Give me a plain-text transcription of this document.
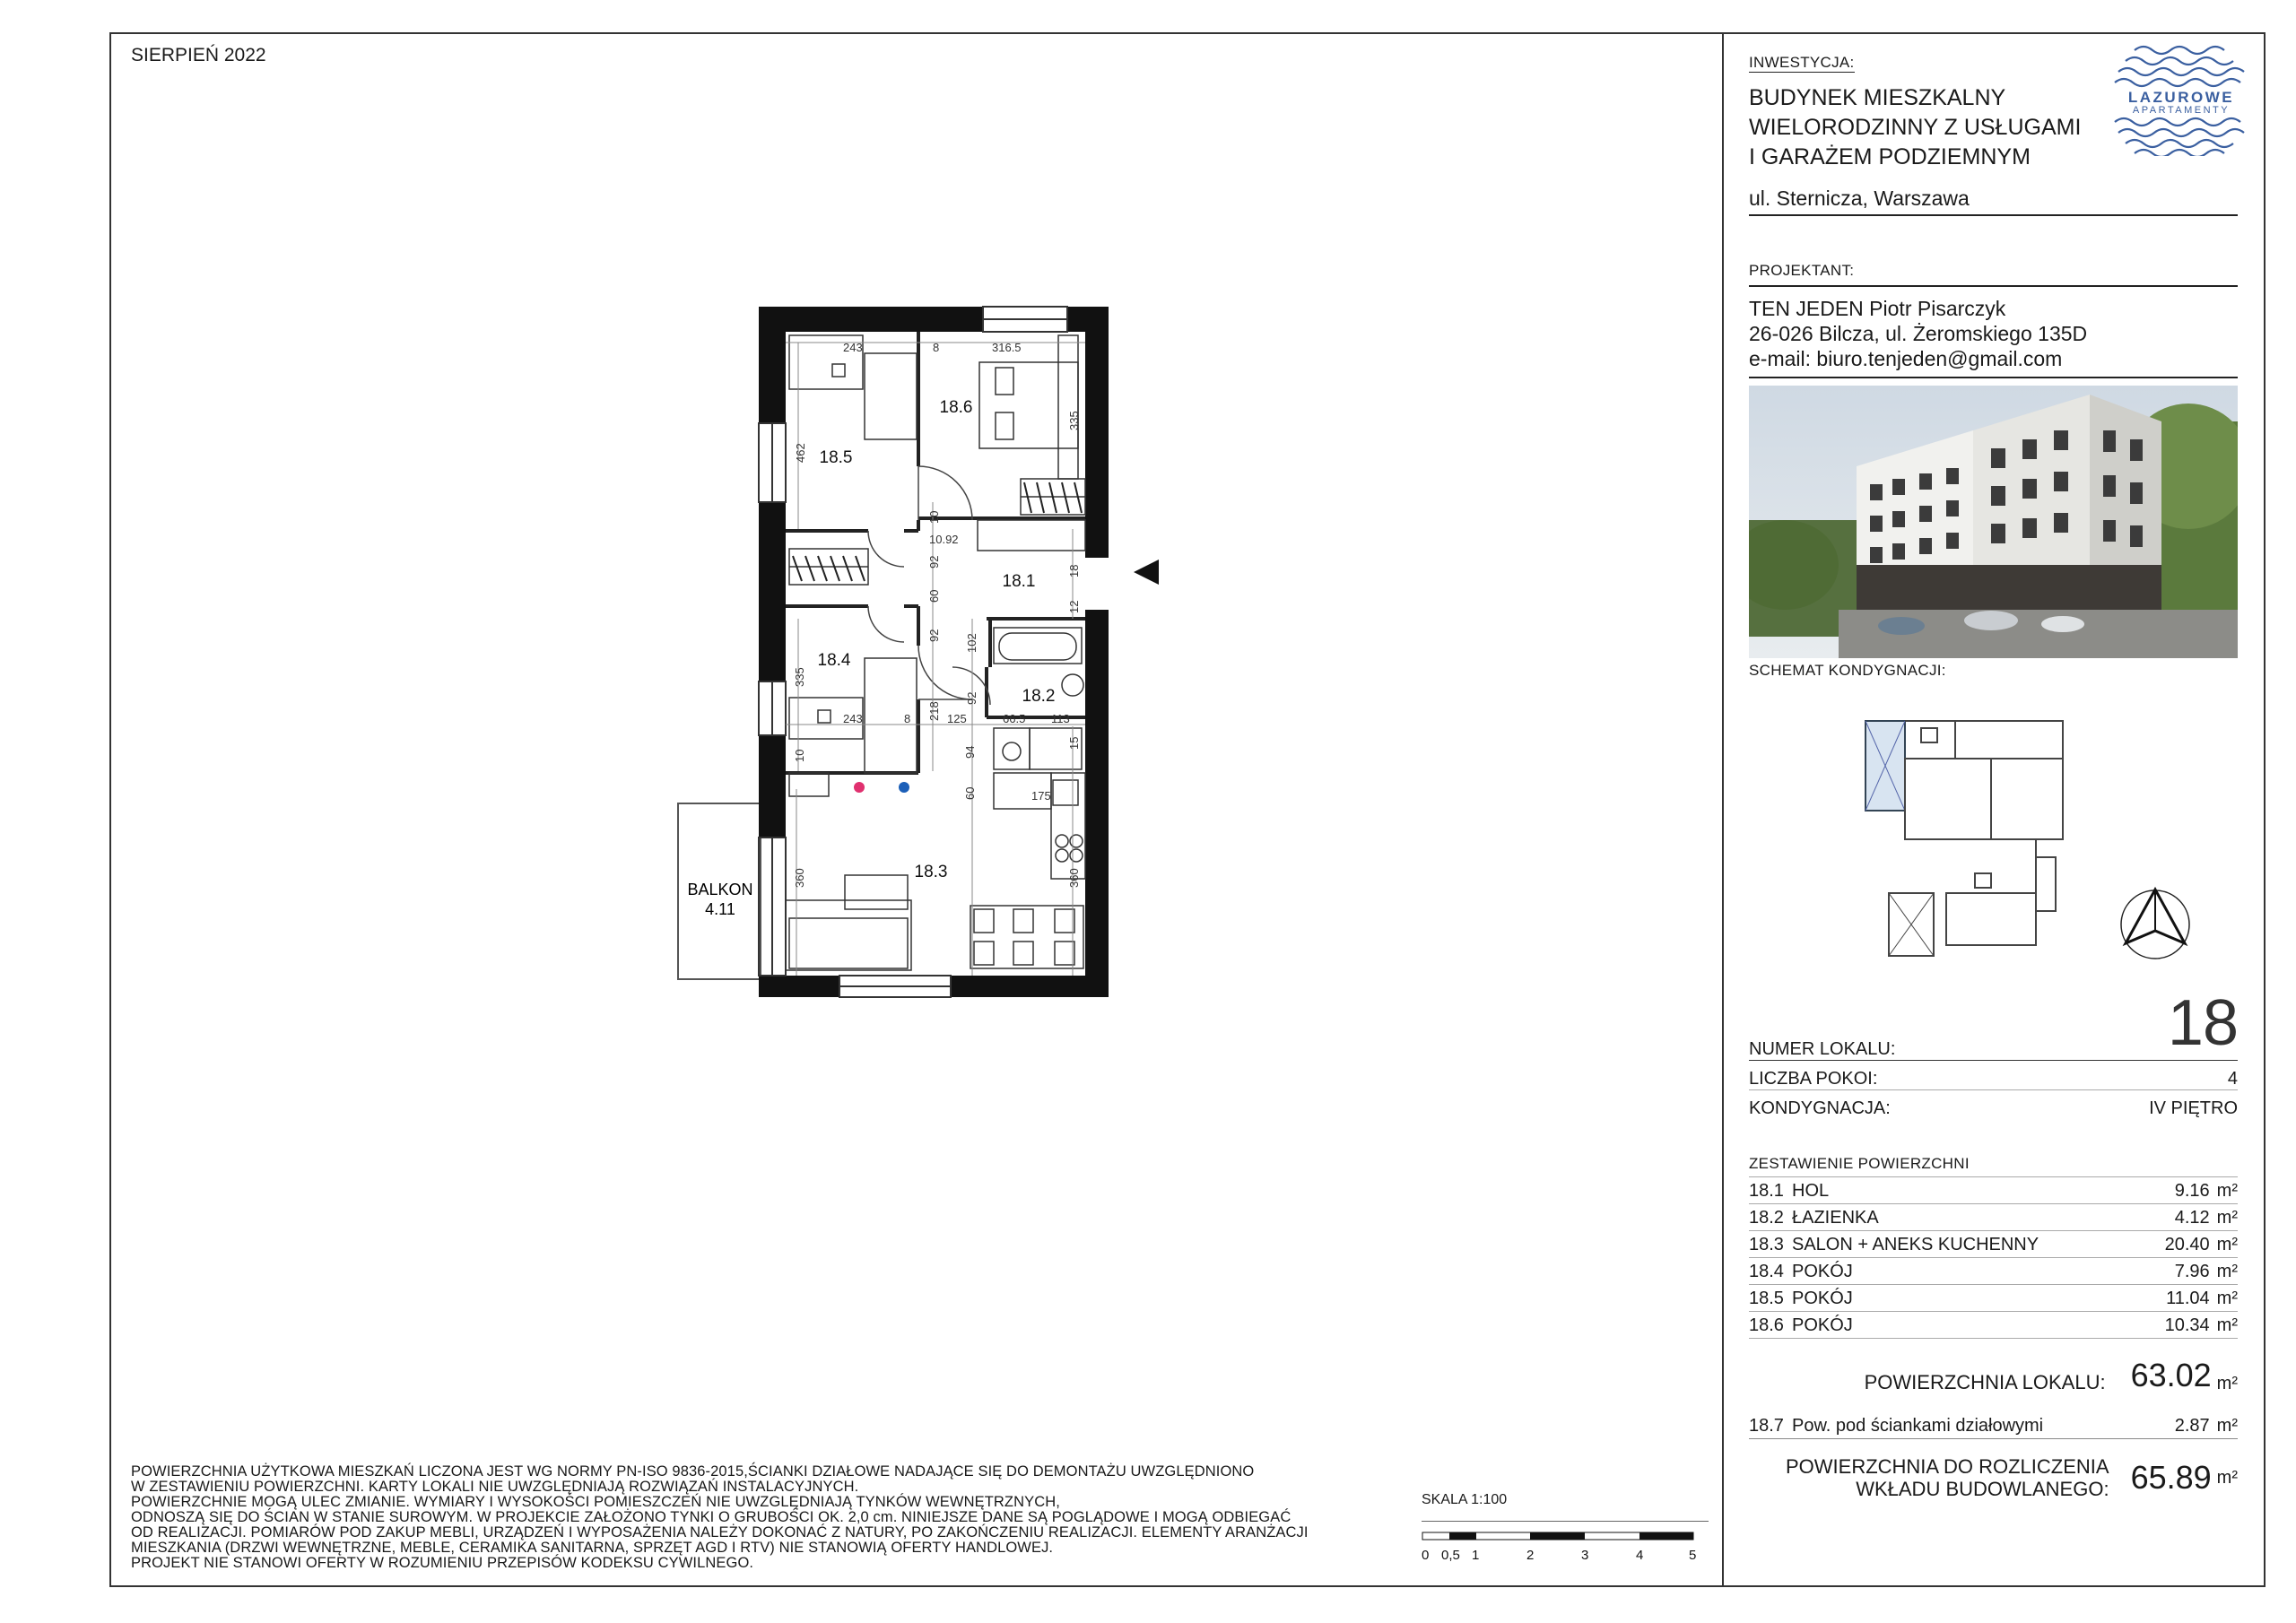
SIERPIEŃ 2022
BALKON
4.11
243	8	316.5
462
335
10
10.92
92
60
18
12
92 102
335
243	8 218 125	66.5 113
94
92
10
15
60
360	360
175
18.5
18.6
18.1
18.4
18.2
18.3
INWESTYCJA:
BUDYNEK MIESZKALNY
WIELORODZINNY Z USŁUGAMI
I GARAŻEM PODZIEMNYM
ul. Sternicza, Warszawa
LAZUROWE
APARTAMENTY
PROJEKTANT:
TEN JEDEN Piotr Pisarczyk
26-026 Bilcza, ul. Żeromskiego 135D
e-mail: biuro.tenjeden@gmail.com
SCHEMAT KONDYGNACJI:
18
NUMER LOKALU:
LICZBA POKOI:	4
KONDYGNACJA:	IV PIĘTRO
ZESTAWIENIE POWIERZCHNI
18.1 HOL	9.16 m²
18.2 ŁAZIENKA	4.12 m²
18.3 SALON + ANEKS KUCHENNY	20.40 m²
18.4 POKÓJ	7.96 m²
18.5 POKÓJ	11.04 m²
18.6 POKÓJ	10.34 m²
POWIERZCHNIA LOKALU: 63.02 m²
18.7 Pow. pod ściankami działowymi	2.87 m²
POWIERZCHNIA DO ROZLICZENIA
WKŁADU BUDOWLANEGO: 65.89 m²
POWIERZCHNIA UŻYTKOWA MIESZKAŃ LICZONA JEST WG NORMY PN-ISO 9836-2015,ŚCIANKI DZIAŁOWE NADAJĄCE SIĘ DO DEMONTAŻU UWZGLĘDNIONO
W ZESTAWIENIU POWIERZCHNI. KARTY LOKALI NIE UWZGLĘDNIAJĄ ROZWIĄZAŃ INSTALACYJNYCH.
POWIERZCHNIE MOGĄ ULEC ZMIANIE. WYMIARY I WYSOKOŚCI POMIESZCZEŃ NIE UWZGLĘDNIAJĄ TYNKÓW WEWNĘTRZNYCH,
ODNOSZĄ SIĘ DO ŚCIAN W STANIE SUROWYM. W PROJEKCIE ZAŁOŻONO TYNKI O GRUBOŚCI OK. 2,0 cm. NINIEJSZE DANE SĄ POGLĄDOWE I MOGĄ ODBIEGAĆ
OD REALIZACJI. POMIARÓW POD ZAKUP MEBLI, URZĄDZEŃ I WYPOSAŻENIA NALEŻY DOKONAĆ Z NATURY, PO ZAKOŃCZENIU REALIZACJI. ELEMENTY ARANŻACJI
MIESZKANIA (DRZWI WEWNĘTRZNE, MEBLE, CERAMIKA SANITARNA, SPRZĘT AGD I RTV) NIE STANOWIĄ OFERTY HANDLOWEJ.
PROJEKT NIE STANOWI OFERTY W ROZUMIENIU PRZEPISÓW KODEKSU CYWILNEGO.
SKALA 1:100
0 0,5 1	2	3	4	5
